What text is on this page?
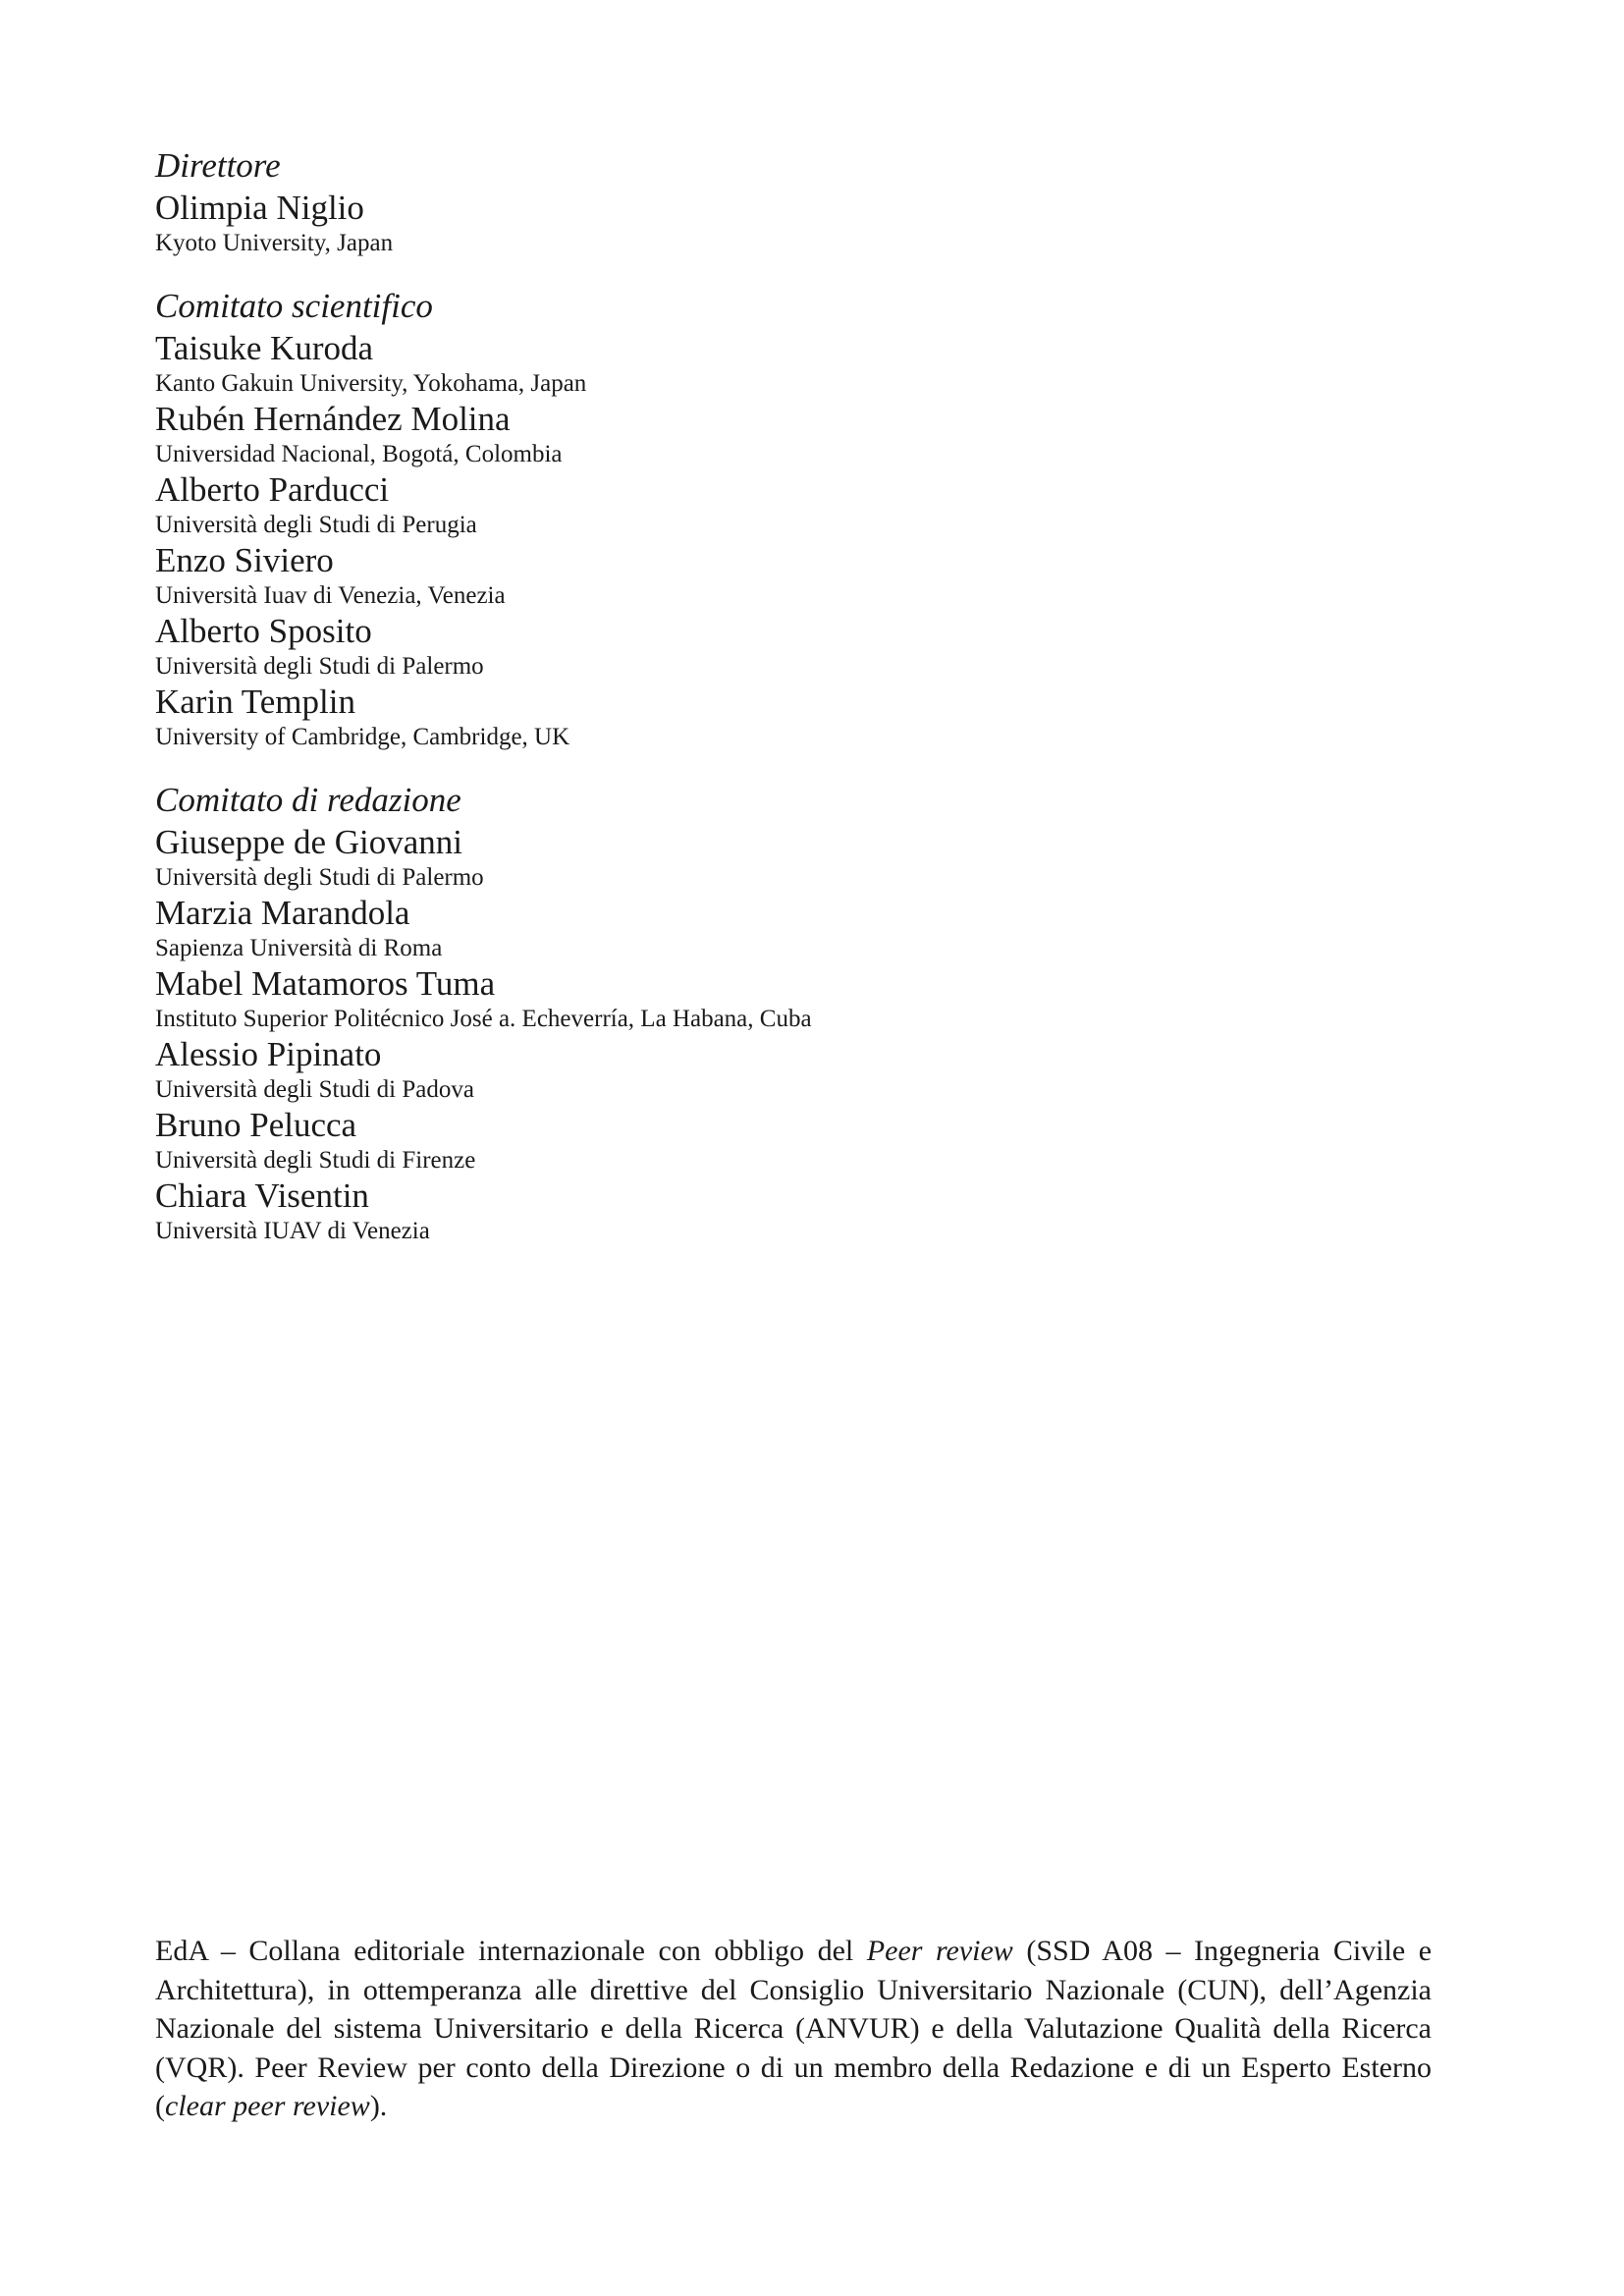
Direttore
Olimpia Niglio
Kyoto University, Japan
Comitato scientifico
Taisuke Kuroda
Kanto Gakuin University, Yokohama, Japan
Rubén Hernández Molina
Universidad Nacional, Bogotá, Colombia
Alberto Parducci
Università degli Studi di Perugia
Enzo Siviero
Università Iuav di Venezia, Venezia
Alberto Sposito
Università degli Studi di Palermo
Karin Templin
University of Cambridge, Cambridge, UK
Comitato di redazione
Giuseppe de Giovanni
Università degli Studi di Palermo
Marzia Marandola
Sapienza Università di Roma
Mabel Matamoros Tuma
Instituto Superior Politécnico José a. Echeverría, La Habana, Cuba
Alessio Pipinato
Università degli Studi di Padova
Bruno Pelucca
Università degli Studi di Firenze
Chiara Visentin
Università IUAV di Venezia

EdA – Collana editoriale internazionale con obbligo del Peer review (SSD A08 – Ingegneria Civile e Architettura), in ottemperanza alle direttive del Consiglio Universitario Nazionale (CUN), dell’Agenzia Nazionale del sistema Universitario e della Ricerca (ANVUR) e della Valutazione Qualità della Ricerca (VQR). Peer Review per conto della Direzione o di un membro della Redazione e di un Esperto Esterno (clear peer review).
